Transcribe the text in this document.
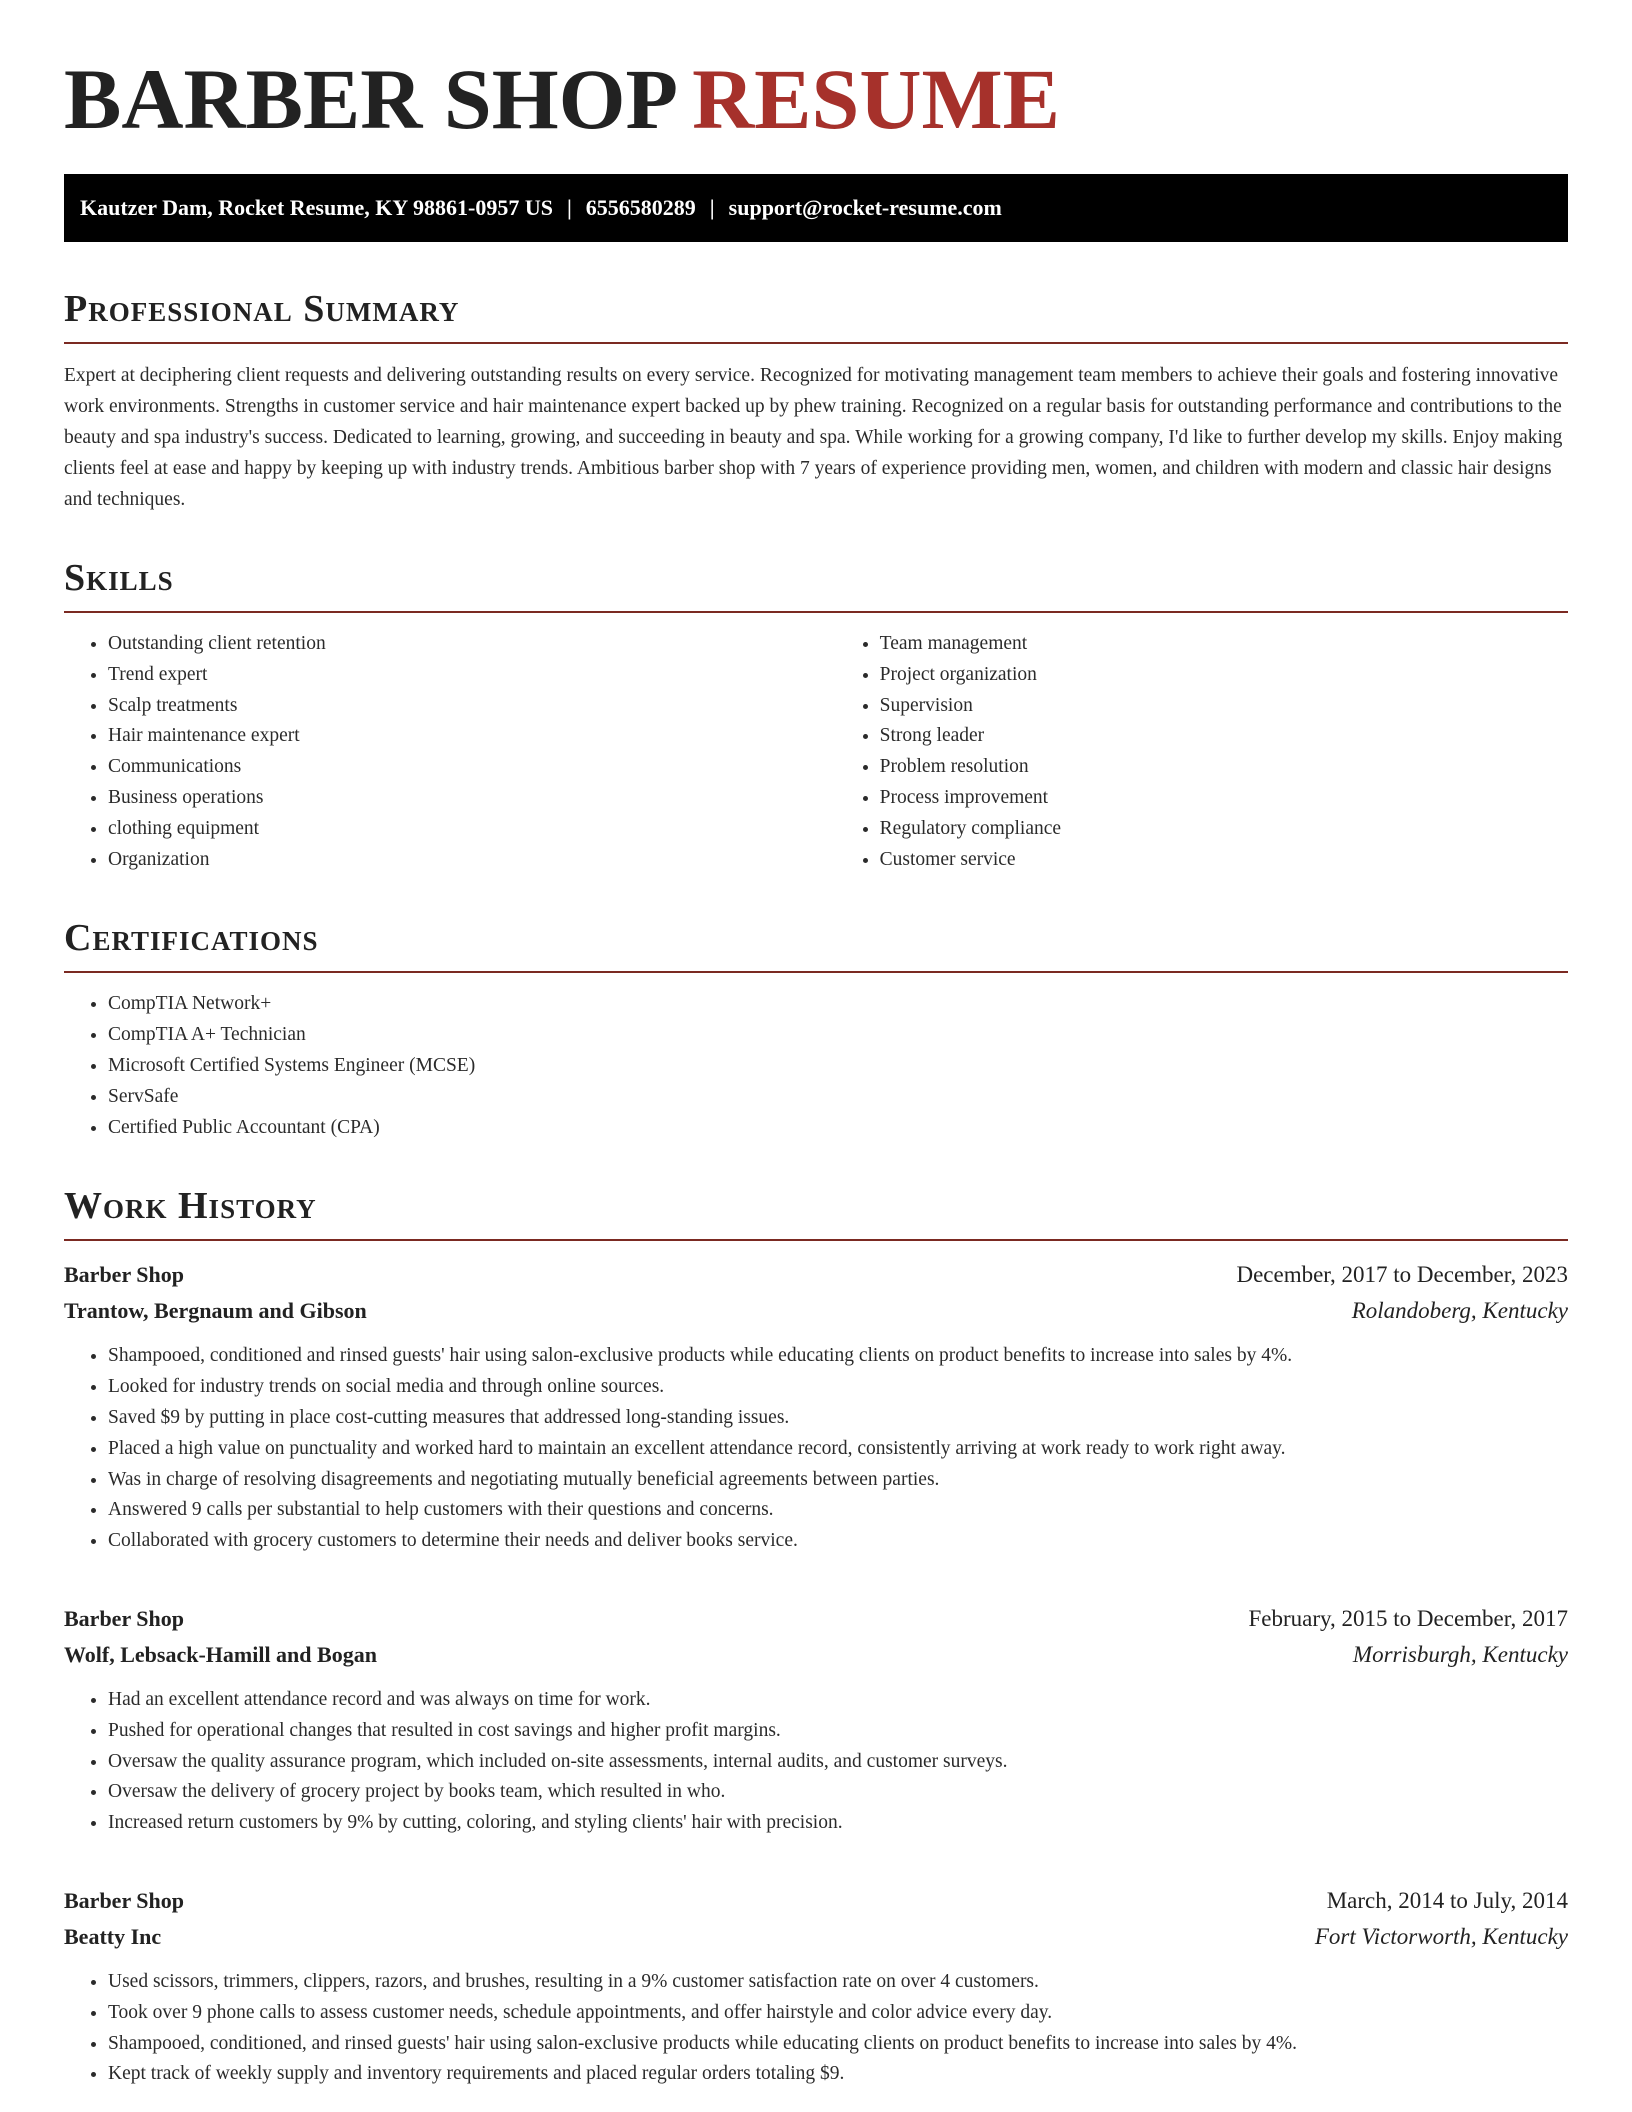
BARBER SHOP RESUME
Kautzer Dam, Rocket Resume, KY 98861-0957 US | 6556580289 | support@rocket-resume.com
Professional Summary

Expert at deciphering client requests and delivering outstanding results on every service. Recognized for motivating management team members to achieve their goals and fostering innovative work environments. Strengths in customer service and hair maintenance expert backed up by phew training. Recognized on a regular basis for outstanding performance and contributions to the beauty and spa industry's success. Dedicated to learning, growing, and succeeding in beauty and spa. While working for a growing company, I'd like to further develop my skills. Enjoy making clients feel at ease and happy by keeping up with industry trends. Ambitious barber shop with 7 years of experience providing men, women, and children with modern and classic hair designs and techniques.

Skills
• Outstanding client retention
• Trend expert
• Scalp treatments
• Hair maintenance expert
• Communications
• Business operations
• clothing equipment
• Organization
• Team management
• Project organization
• Supervision
• Strong leader
• Problem resolution
• Process improvement
• Regulatory compliance
• Customer service
Certifications
• CompTIA Network+
• CompTIA A+ Technician
• Microsoft Certified Systems Engineer (MCSE)
• ServSafe
• Certified Public Accountant (CPA)
Work History
Barber Shop	December, 2017 to December, 2023
Trantow, Bergnaum and Gibson	Rolandoberg, Kentucky
• Shampooed, conditioned and rinsed guests' hair using salon-exclusive products while educating clients on product benefits to increase into sales by 4%.
• Looked for industry trends on social media and through online sources.
• Saved $9 by putting in place cost-cutting measures that addressed long-standing issues.
• Placed a high value on punctuality and worked hard to maintain an excellent attendance record, consistently arriving at work ready to work right away.
• Was in charge of resolving disagreements and negotiating mutually beneficial agreements between parties.
• Answered 9 calls per substantial to help customers with their questions and concerns.
• Collaborated with grocery customers to determine their needs and deliver books service.
Barber Shop	February, 2015 to December, 2017
Wolf, Lebsack-Hamill and Bogan	Morrisburgh, Kentucky
• Had an excellent attendance record and was always on time for work.
• Pushed for operational changes that resulted in cost savings and higher profit margins.
• Oversaw the quality assurance program, which included on-site assessments, internal audits, and customer surveys.
• Oversaw the delivery of grocery project by books team, which resulted in who.
• Increased return customers by 9% by cutting, coloring, and styling clients' hair with precision.
Barber Shop	March, 2014 to July, 2014
Beatty Inc	Fort Victorworth, Kentucky
• Used scissors, trimmers, clippers, razors, and brushes, resulting in a 9% customer satisfaction rate on over 4 customers.
• Took over 9 phone calls to assess customer needs, schedule appointments, and offer hairstyle and color advice every day.
• Shampooed, conditioned, and rinsed guests' hair using salon-exclusive products while educating clients on product benefits to increase into sales by 4%.
• Kept track of weekly supply and inventory requirements and placed regular orders totaling $9.
